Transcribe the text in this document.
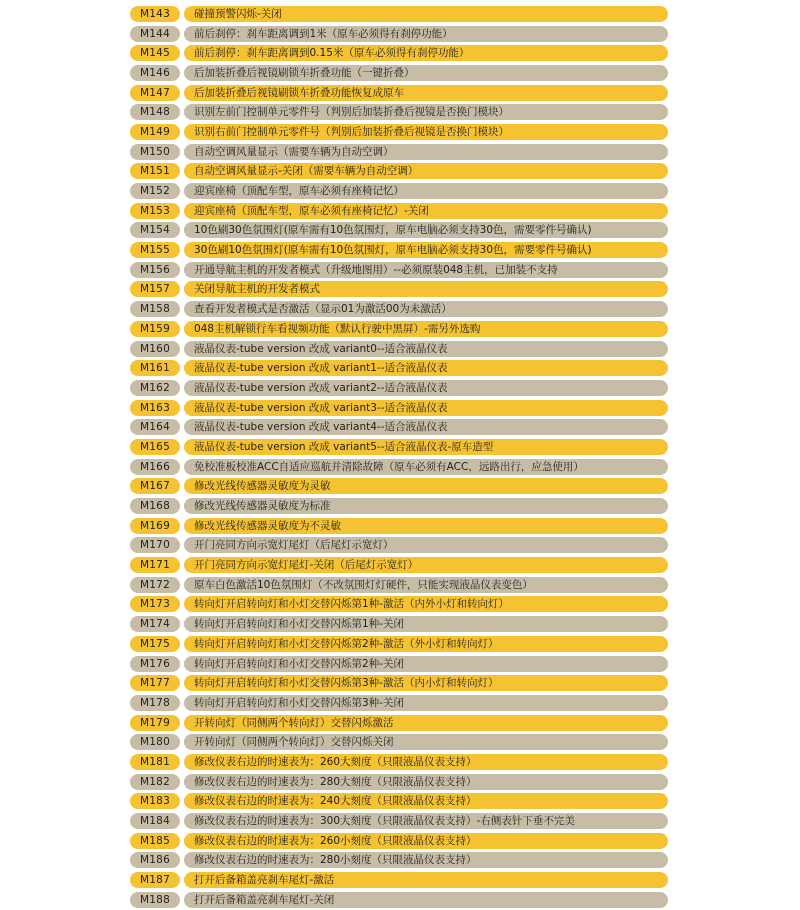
M143	碰撞预警闪烁-关闭
M144	前后刹停：刹车距离调到1米（原车必须得有刹停功能）
M145	前后刹停：刹车距离调到0.15米（原车必须得有刹停功能）
M146	后加装折叠后视镜刷锁车折叠功能（一键折叠）
M147	后加装折叠后视镜刷锁车折叠功能恢复成原车
M148	识别左前门控制单元零件号（判别后加装折叠后视镜是否换门模块）
M149	识别右前门控制单元零件号（判别后加装折叠后视镜是否换门模块）
M150	自动空调风量显示（需要车辆为自动空调）
M151	自动空调风量显示-关闭（需要车辆为自动空调）
M152	迎宾座椅（顶配车型，原车必须有座椅记忆）
M153	迎宾座椅（顶配车型，原车必须有座椅记忆）-关闭
M154	10色刷30色氛围灯(原车需有10色氛围灯，原车电脑必须支持30色，需要零件号确认)
M155	30色刷10色氛围灯(原车需有10色氛围灯，原车电脑必须支持30色，需要零件号确认)
M156	开通导航主机的开发者模式（升级地图用）--必须原装048主机，已加装不支持
M157	关闭导航主机的开发者模式
M158	查看开发者模式是否激活（显示01为激活00为未激活）
M159	048主机解锁行车看视频功能（默认行驶中黑屏）-需另外选购
M160	液晶仪表-tube version 改成 variant0--适合液晶仪表
M161	液晶仪表-tube version 改成 variant1--适合液晶仪表
M162	液晶仪表-tube version 改成 variant2--适合液晶仪表
M163	液晶仪表-tube version 改成 variant3--适合液晶仪表
M164	液晶仪表-tube version 改成 variant4--适合液晶仪表
M165	液晶仪表-tube version 改成 variant5--适合液晶仪表-原车造型
M166	免校准板校准ACC自适应巡航并清除故障（原车必须有ACC，远路出行，应急使用）
M167	修改光线传感器灵敏度为灵敏
M168	修改光线传感器灵敏度为标准
M169	修改光线传感器灵敏度为不灵敏
M170	开门亮同方向示宽灯尾灯（后尾灯示宽灯）
M171	开门亮同方向示宽灯尾灯-关闭（后尾灯示宽灯）
M172	原车白色激活10色氛围灯（不改氛围灯灯硬件，只能实现液晶仪表变色）
M173	转向灯开启转向灯和小灯交替闪烁第1种-激活（内外小灯和转向灯）
M174	转向灯开启转向灯和小灯交替闪烁第1种-关闭
M175	转向灯开启转向灯和小灯交替闪烁第2种-激活（外小灯和转向灯）
M176	转向灯开启转向灯和小灯交替闪烁第2种-关闭
M177	转向灯开启转向灯和小灯交替闪烁第3种-激活（内小灯和转向灯）
M178	转向灯开启转向灯和小灯交替闪烁第3种-关闭
M179	开转向灯（同侧两个转向灯）交替闪烁激活
M180	开转向灯（同侧两个转向灯）交替闪烁关闭
M181	修改仪表右边的时速表为：260大刻度（只限液晶仪表支持）
M182	修改仪表右边的时速表为：280大刻度（只限液晶仪表支持）
M183	修改仪表右边的时速表为：240大刻度（只限液晶仪表支持）
M184	修改仪表右边的时速表为：300大刻度（只限液晶仪表支持）-右侧表针下垂不完美
M185	修改仪表右边的时速表为：260小刻度（只限液晶仪表支持）
M186	修改仪表右边的时速表为：280小刻度（只限液晶仪表支持）
M187	打开后备箱盖亮刹车尾灯-激活
M188	打开后备箱盖亮刹车尾灯-关闭
